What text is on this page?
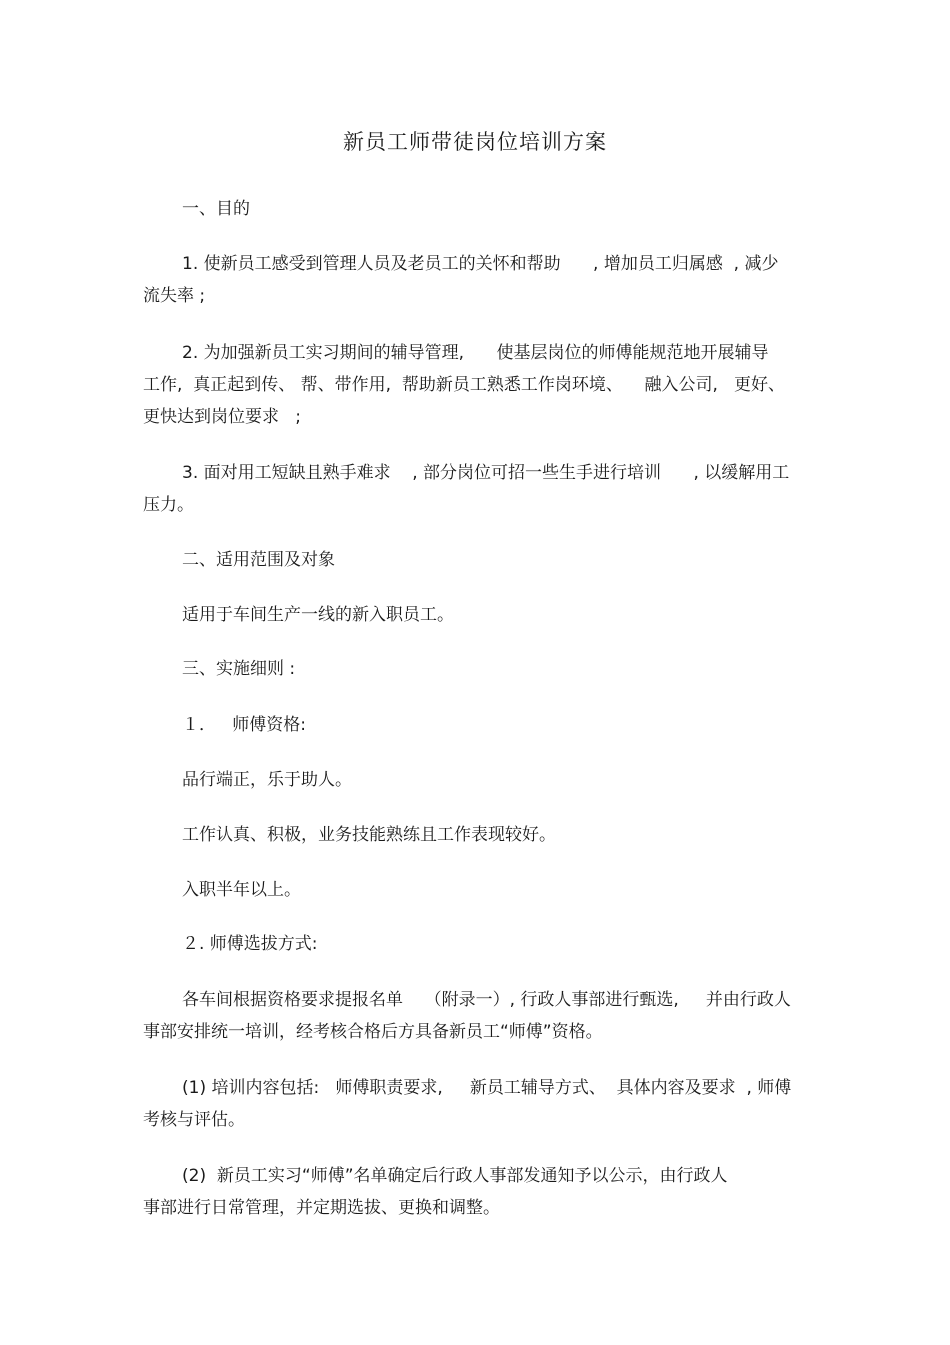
新员工师带徒岗位培训方案
一、目的
1. 使新员工感受到管理人员及老员工的关怀和帮助      , 增加员工归属感  , 减少
流失率 ;
2. 为加强新员工实习期间的辅导管理,      使基层岗位的师傅能规范地开展辅导
工作,  真正起到传、 帮、带作用,  帮助新员工熟悉工作岗环境、    融入公司,   更好、
更快达到岗位要求   ;
3. 面对用工短缺且熟手难求    , 部分岗位可招一些生手进行培训      , 以缓解用工
压力。
二、适用范围及对象
适用于车间生产一线的新入职员工。
三、实施细则 :
１．   师傅资格:
品行端正，乐于助人。
工作认真、积极，业务技能熟练且工作表现较好。
入职半年以上。
２. 师傅选拔方式:
各车间根据资格要求提报名单    （附录一）, 行政人事部进行甄选,     并由行政人
事部安排统一培训，经考核合格后方具备新员工“师傅”资格。
(1) 培训内容包括:   师傅职责要求,     新员工辅导方式、  具体内容及要求  , 师傅
考核与评估。
(2)  新员工实习“师傅”名单确定后行政人事部发通知予以公示，由行政人
事部进行日常管理，并定期选拔、更换和调整。
